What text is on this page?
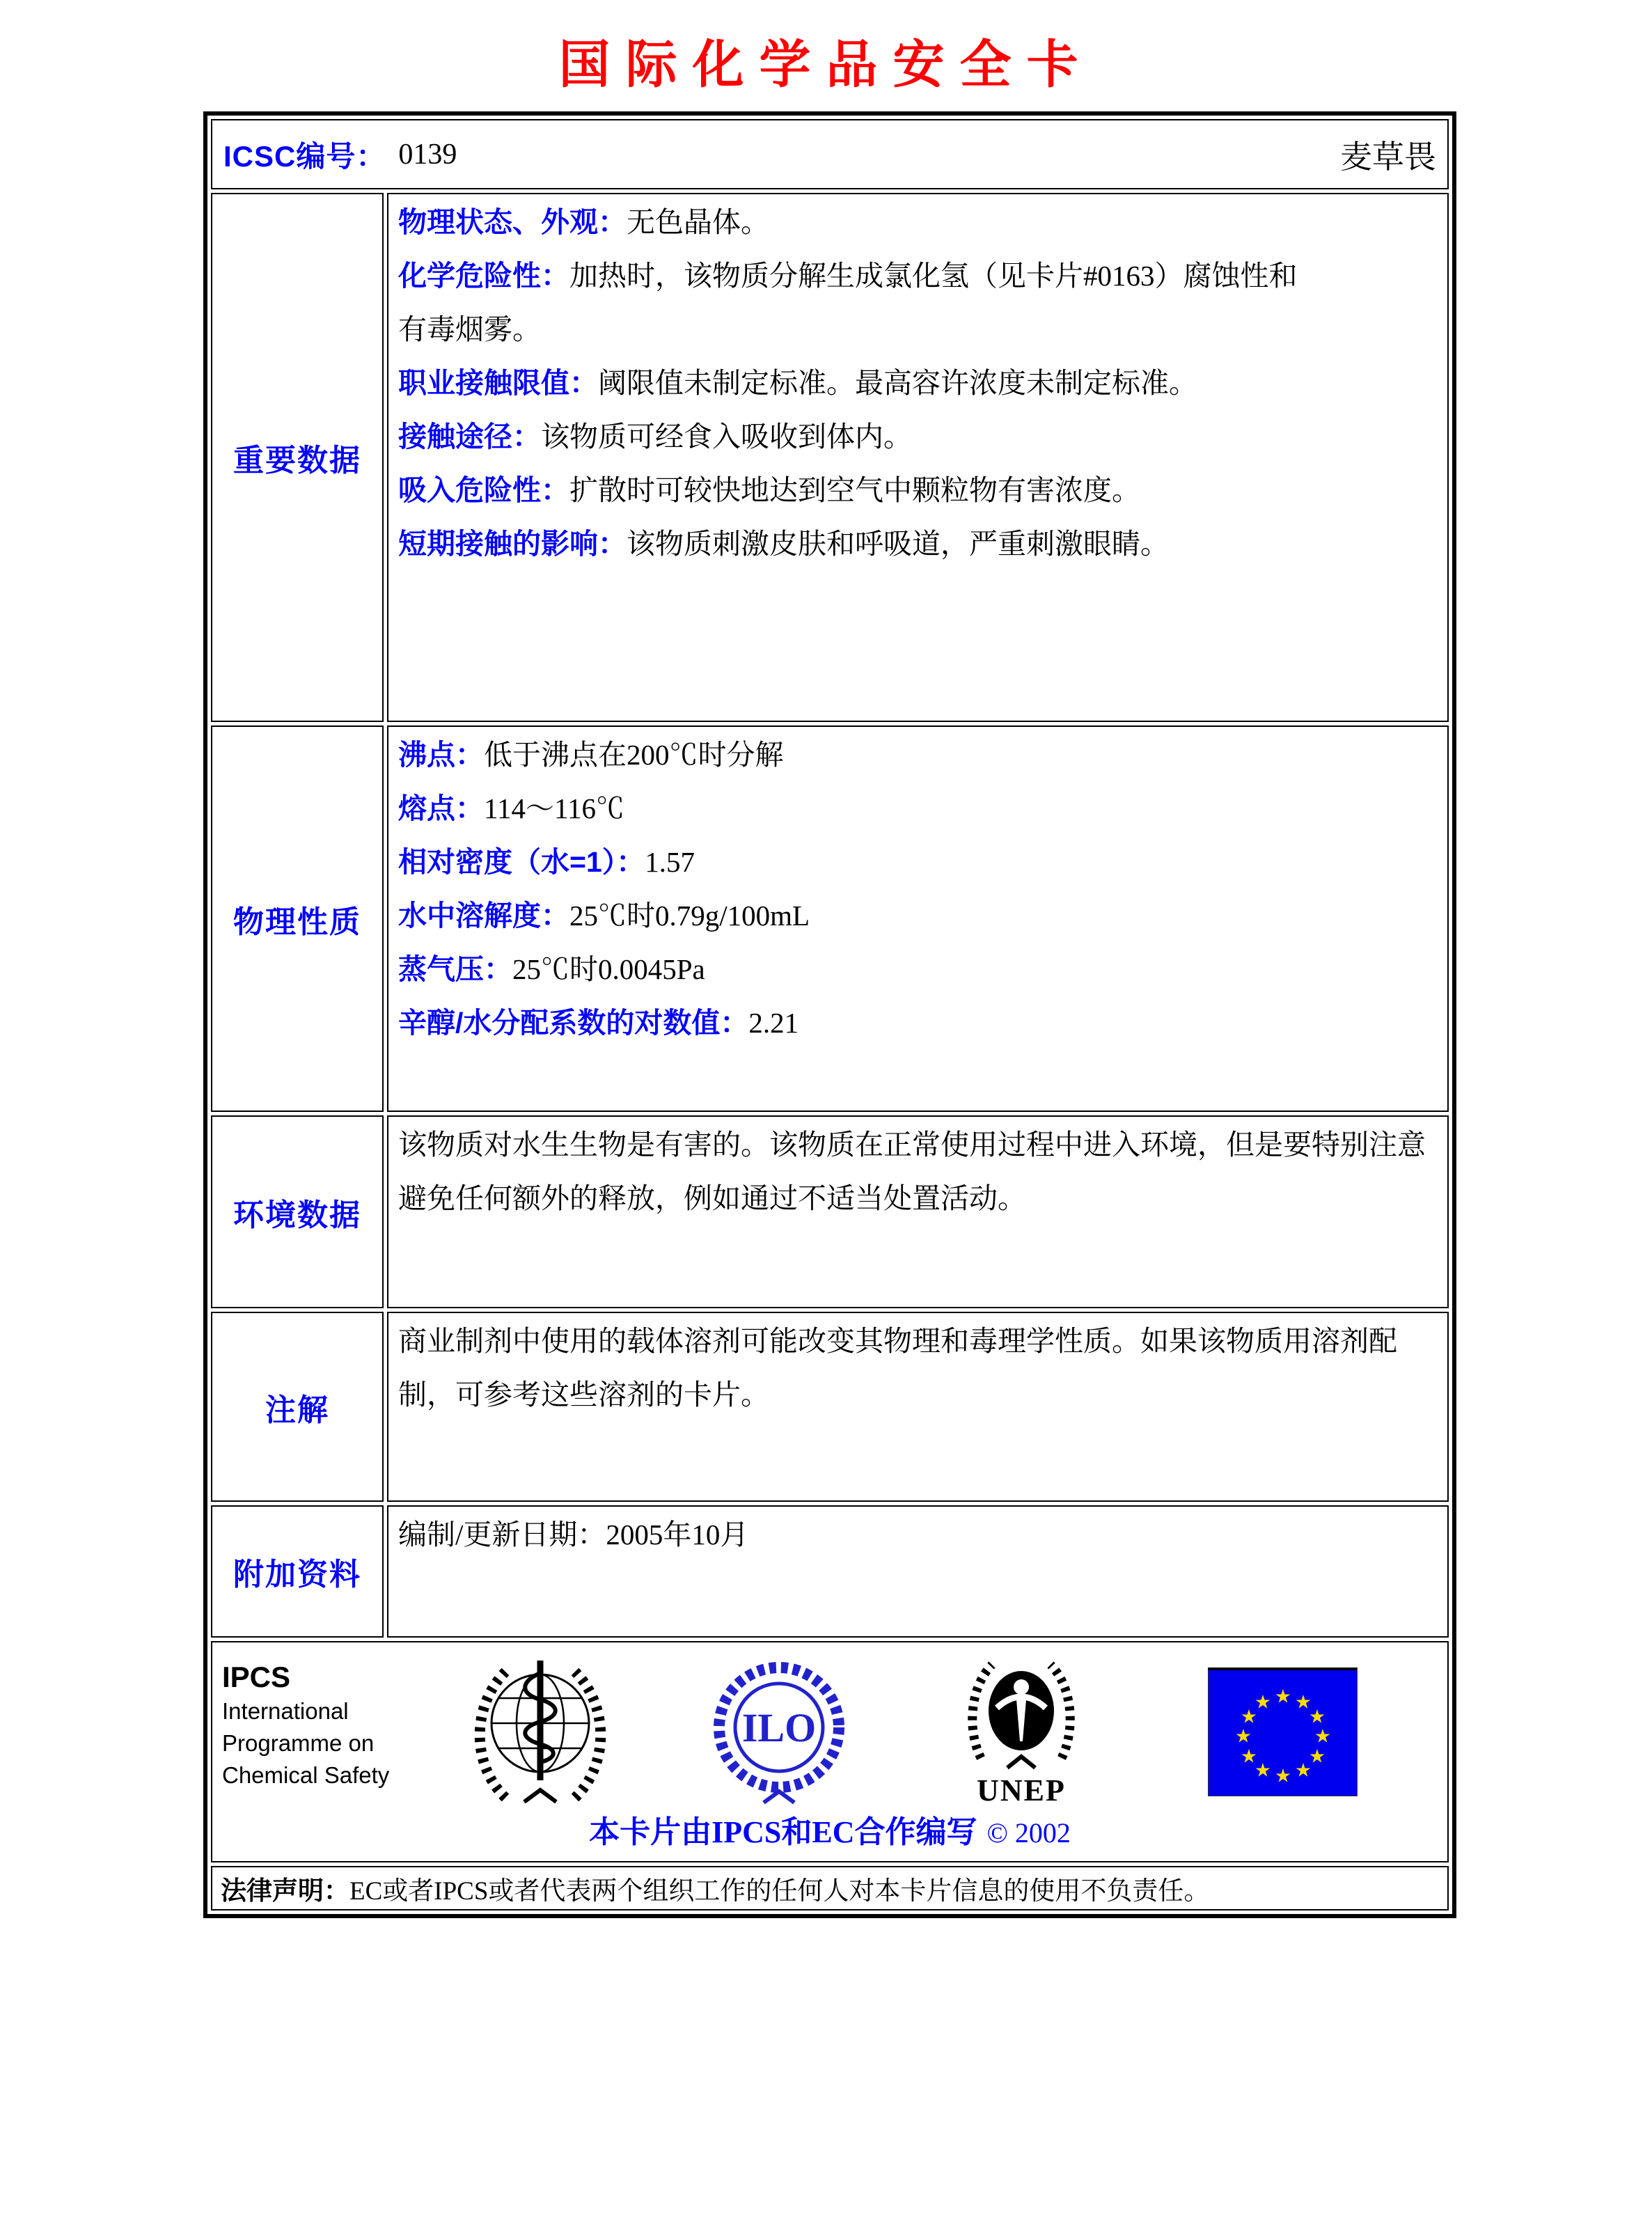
国际化学品安全卡
ICSC编号： 0139	麦草畏
重要数据

物理状态、外观：无色晶体。

化学危险性：加热时，该物质分解生成氯化氢（见卡片#0163）腐蚀性和有毒烟雾。

职业接触限值：阈限值未制定标准。最高容许浓度未制定标准。

接触途径：该物质可经食入吸收到体内。

吸入危险性：扩散时可较快地达到空气中颗粒物有害浓度。

短期接触的影响：该物质刺激皮肤和呼吸道，严重刺激眼睛。

物理性质

沸点：低于沸点在200℃时分解

熔点：114～116℃

相对密度（水=1）：1.57

水中溶解度：25℃时0.79g/100mL

蒸气压：25℃时0.0045Pa

辛醇/水分配系数的对数值：2.21

环境数据

该物质对水生生物是有害的。该物质在正常使用过程中进入环境，但是要特别注意避免任何额外的释放，例如通过不适当处置活动。

注解

商业制剂中使用的载体溶剂可能改变其物理和毒理学性质。如果该物质用溶剂配制，可参考这些溶剂的卡片。

附加资料

编制/更新日期：2005年10月

IPCS
International
Programme on
Chemical Safety
ILO
UNEP
★ ★
★
★
★
★
★
★
★
★
★
★
本卡片由IPCS和EC合作编写 © 2002
法律声明： EC或者IPCS或者代表两个组织工作的任何人对本卡片信息的使用不负责任。
